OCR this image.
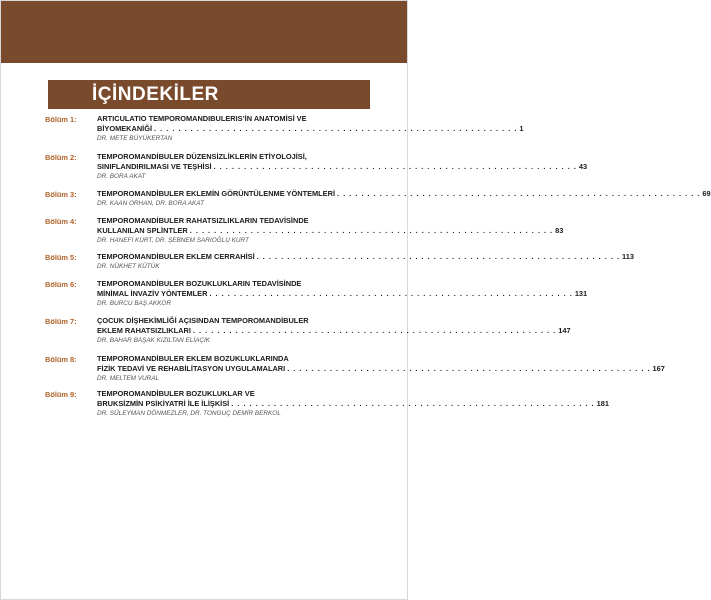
İÇİNDEKİLER
Bölüm 1:	ARTICULATIO TEMPOROMANDIBULERIS’İN ANATOMİSİ VE
BİYOMEKANİĞİ . . . . . . . . . . . . . . . . . . . . . . . . . . . . . . . . . . . . . . . . . . . . . . . . . . . . . . . . . . . . 1
DR. METE BÜYÜKERTAN
Bölüm 2:	TEMPOROMANDİBULER DÜZENSİZLİKLERİN ETİYOLOJİSİ,
SINIFLANDIRILMASI VE TEŞHİSİ . . . . . . . . . . . . . . . . . . . . . . . . . . . . . . . . . . . . . . . . . . . . . . . . . . . . . . . . . . . . 43
DR. BORA AKAT
Bölüm 3:	TEMPOROMANDİBULER EKLEMİN GÖRÜNTÜLENME YÖNTEMLERİ . . . . . . . . . . . . . . . . . . . . . . . . . . . . . . . . . . . . . . . . . . . . . . . . . . . . . . . . . . . . 69
DR. KAAN ORHAN, DR. BORA AKAT
Bölüm 4:	TEMPOROMANDİBULER RAHATSIZLIKLARIN TEDAVİSİNDE
KULLANILAN SPLİNTLER . . . . . . . . . . . . . . . . . . . . . . . . . . . . . . . . . . . . . . . . . . . . . . . . . . . . . . . . . . . . 83
DR. HANEFİ KURT, DR. ŞEBNEM SARIOĞLU KURT
Bölüm 5:	TEMPOROMANDİBULER EKLEM CERRAHİSİ . . . . . . . . . . . . . . . . . . . . . . . . . . . . . . . . . . . . . . . . . . . . . . . . . . . . . . . . . . . . 113
DR. NÜKHET KÜTÜK
Bölüm 6:	TEMPOROMANDİBULER BOZUKLUKLARIN TEDAVİSİNDE
MİNİMAL İNVAZİV YÖNTEMLER . . . . . . . . . . . . . . . . . . . . . . . . . . . . . . . . . . . . . . . . . . . . . . . . . . . . . . . . . . . . 131
DR. BURCU BAŞ AKKOR
Bölüm 7:	ÇOCUK DİŞHEKİMLİĞİ AÇISINDAN TEMPOROMANDİBULER
EKLEM RAHATSIZLIKLARI . . . . . . . . . . . . . . . . . . . . . . . . . . . . . . . . . . . . . . . . . . . . . . . . . . . . . . . . . . . . 147
DR. BAHAR BAŞAK KIZILTAN ELİAÇIK
Bölüm 8:	TEMPOROMANDİBULER EKLEM BOZUKLUKLARINDA
FİZİK TEDAVİ VE REHABİLİTASYON UYGULAMALARI . . . . . . . . . . . . . . . . . . . . . . . . . . . . . . . . . . . . . . . . . . . . . . . . . . . . . . . . . . . . 167
DR. MELTEM VURAL
Bölüm 9:	TEMPOROMANDİBULER BOZUKLUKLAR VE
BRUKSİZMİN PSİKİYATRİ İLE İLİŞKİSİ . . . . . . . . . . . . . . . . . . . . . . . . . . . . . . . . . . . . . . . . . . . . . . . . . . . . . . . . . . . . 181
DR. SÜLEYMAN DÖNMEZLER, DR. TONGUÇ DEMİR BERKOL
